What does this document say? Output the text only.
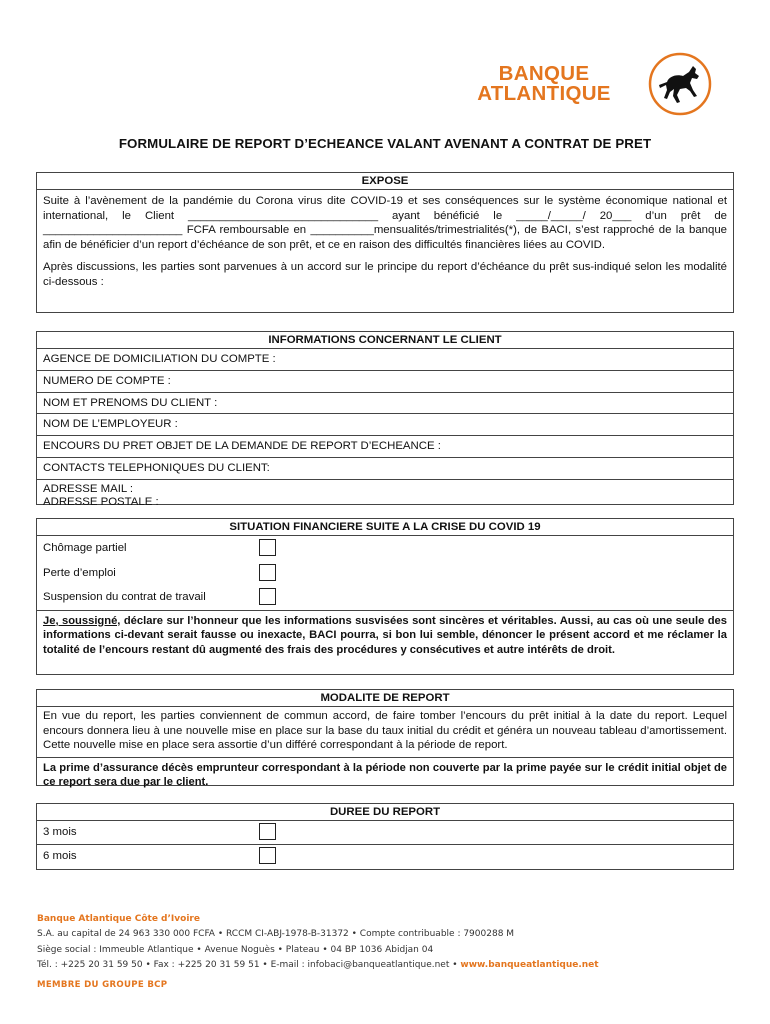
BANQUE
ATLANTIQUE
FORMULAIRE DE REPORT D’ECHEANCE VALANT AVENANT A CONTRAT DE PRET
EXPOSE
Suite à l’avènement de la pandémie du Corona virus dite COVID-19 et ses conséquences sur le système économique national et international, le Client ______________________________ ayant bénéficié le _____/_____/ 20___ d’un prêt de ______________________ FCFA remboursable en __________mensualités/trimestrialités(*), de BACI, s’est rapproché de la banque afin de bénéficier d’un report d’échéance de son prêt, et ce en raison des difficultés financières liées au COVID.
Après discussions, les parties sont parvenues à un accord sur le principe du report d’échéance du prêt sus-indiqué selon les modalité ci-dessous :
INFORMATIONS CONCERNANT LE CLIENT
AGENCE DE DOMICILIATION DU COMPTE :
NUMERO DE COMPTE :
NOM ET PRENOMS DU CLIENT :
NOM DE L’EMPLOYEUR :
ENCOURS DU PRET OBJET DE LA DEMANDE DE REPORT D’ECHEANCE :
CONTACTS TELEPHONIQUES DU CLIENT:
ADRESSE MAIL :
ADRESSE POSTALE :
SITUATION FINANCIERE SUITE A LA CRISE DU COVID 19
Chômage partiel
Perte d’emploi
Suspension du contrat de travail
Je, soussigné, déclare sur l’honneur que les informations susvisées sont sincères et véritables. Aussi, au cas où une seule des informations ci-devant serait fausse ou inexacte, BACI pourra, si bon lui semble, dénoncer le présent accord et me réclamer la totalité de l’encours restant dû augmenté des frais des procédures y consécutives et autre intérêts de droit.
MODALITE DE REPORT
En vue du report, les parties conviennent de commun accord, de faire tomber l’encours du prêt initial à la date du report. Lequel encours donnera lieu à une nouvelle mise en place sur la base du taux initial du crédit et généra un nouveau tableau d’amortissement. Cette nouvelle mise en place sera assortie d’un différé correspondant à la période de report.
La prime d’assurance décès emprunteur correspondant à la période non couverte par la prime payée sur le crédit initial objet de ce report sera due par le client.
DUREE DU REPORT
3 mois
6 mois
Banque Atlantique Côte d’Ivoire
S.A. au capital de 24 963 330 000 FCFA • RCCM CI-ABJ-1978-B-31372 • Compte contribuable : 7900288 M
Siège social : Immeuble Atlantique • Avenue Noguès • Plateau • 04 BP 1036 Abidjan 04
Tél. : +225 20 31 59 50 • Fax : +225 20 31 59 51 • E-mail : infobaci@banqueatlantique.net • www.banqueatlantique.net
MEMBRE DU GROUPE BCP
